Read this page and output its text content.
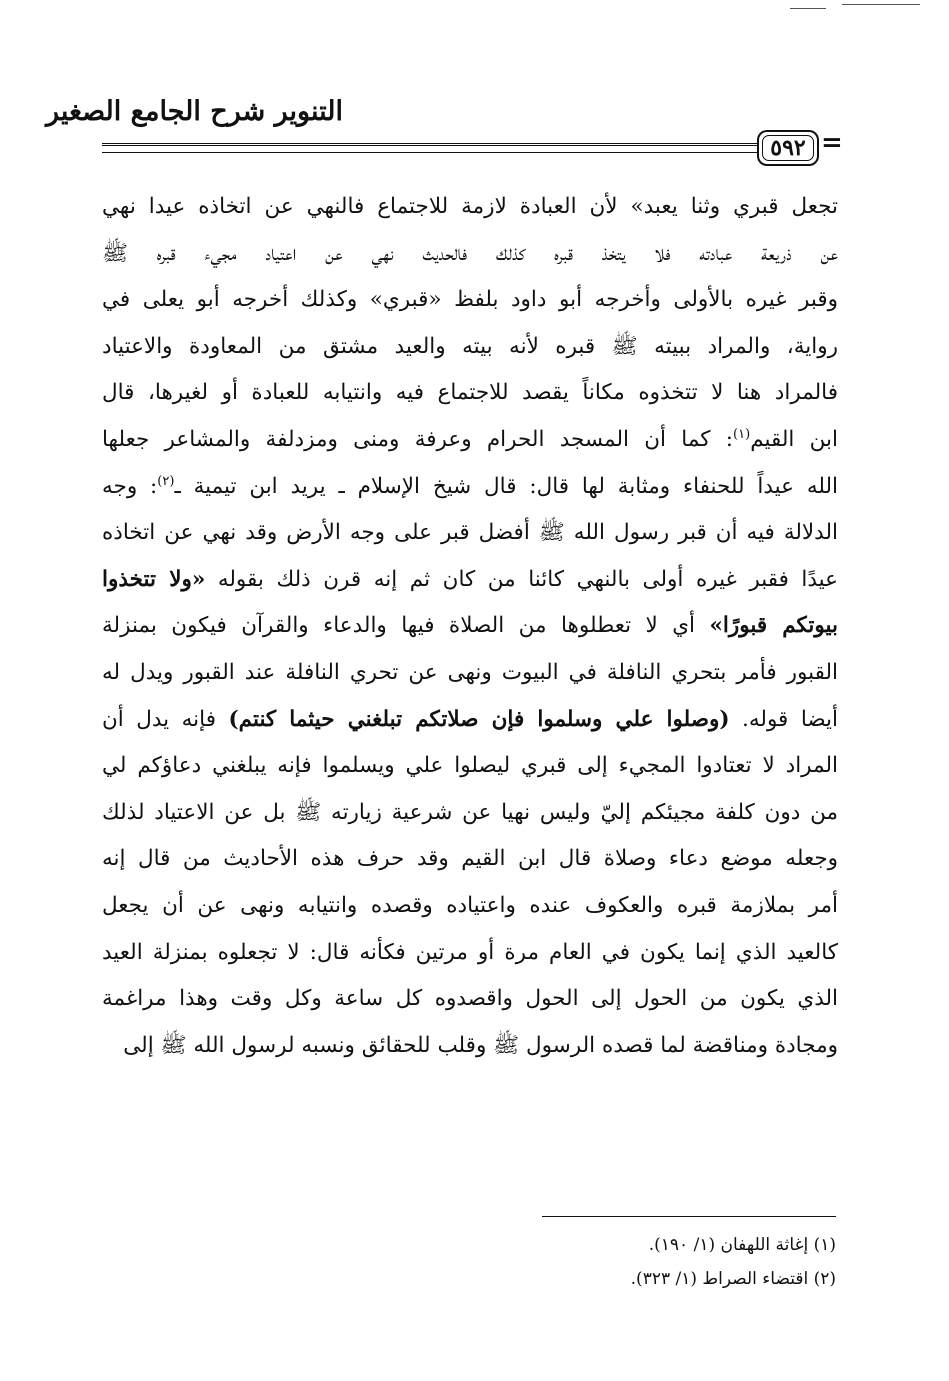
التنوير شرح الجامع الصغير
٥٩٢ =
تجعل قبري وثنا يعبد» لأن العبادة لازمة للاجتماع فالنهي عن اتخاذه عيدا نهي
عن ذريعة عبادته فلا يتخذ قبره كذلك فالحديث نهي عن اعتياد مجيء قبره ﷺ
وقبر غيره بالأولى وأخرجه أبو داود بلفظ «قبري» وكذلك أخرجه أبو يعلى في
رواية، والمراد ببيته ﷺ قبره لأنه بيته والعيد مشتق من المعاودة والاعتياد
فالمراد هنا لا تتخذوه مكاناً يقصد للاجتماع فيه وانتيابه للعبادة أو لغيرها، قال
ابن القيم$^{(١)}$: كما أن المسجد الحرام وعرفة ومنى ومزدلفة والمشاعر جعلها
الله عيداً للحنفاء ومثابة لها قال: قال شيخ الإسلام ـ يريد ابن تيمية ـ$^{(٢)}$: وجه
الدلالة فيه أن قبر رسول الله ﷺ أفضل قبر على وجه الأرض وقد نهي عن اتخاذه
عيدًا فقبر غيره أولى بالنهي كائنا من كان ثم إنه قرن ذلك بقوله «ولا تتخذوا
بيوتكم قبورًا» أي لا تعطلوها من الصلاة فيها والدعاء والقرآن فيكون بمنزلة
القبور فأمر بتحري النافلة في البيوت ونهى عن تحري النافلة عند القبور ويدل له
أيضا قوله. (وصلوا علي وسلموا فإن صلاتكم تبلغني حيثما كنتم) فإنه يدل أن
المراد لا تعتادوا المجيء إلى قبري ليصلوا علي ويسلموا فإنه يبلغني دعاؤكم لي
من دون كلفة مجيئكم إليّ وليس نهيا عن شرعية زيارته ﷺ بل عن الاعتياد لذلك
وجعله موضع دعاء وصلاة قال ابن القيم وقد حرف هذه الأحاديث من قال إنه
أمر بملازمة قبره والعكوف عنده واعتياده وقصده وانتيابه ونهى عن أن يجعل
كالعيد الذي إنما يكون في العام مرة أو مرتين فكأنه قال: لا تجعلوه بمنزلة العيد
الذي يكون من الحول إلى الحول واقصدوه كل ساعة وكل وقت وهذا مراغمة
ومجادة ومناقضة لما قصده الرسول ﷺ وقلب للحقائق ونسبه لرسول الله ﷺ إلى
(١) إغاثة اللهفان (١/ ١٩٠).
(٢) اقتضاء الصراط (١/ ٣٢٣).
